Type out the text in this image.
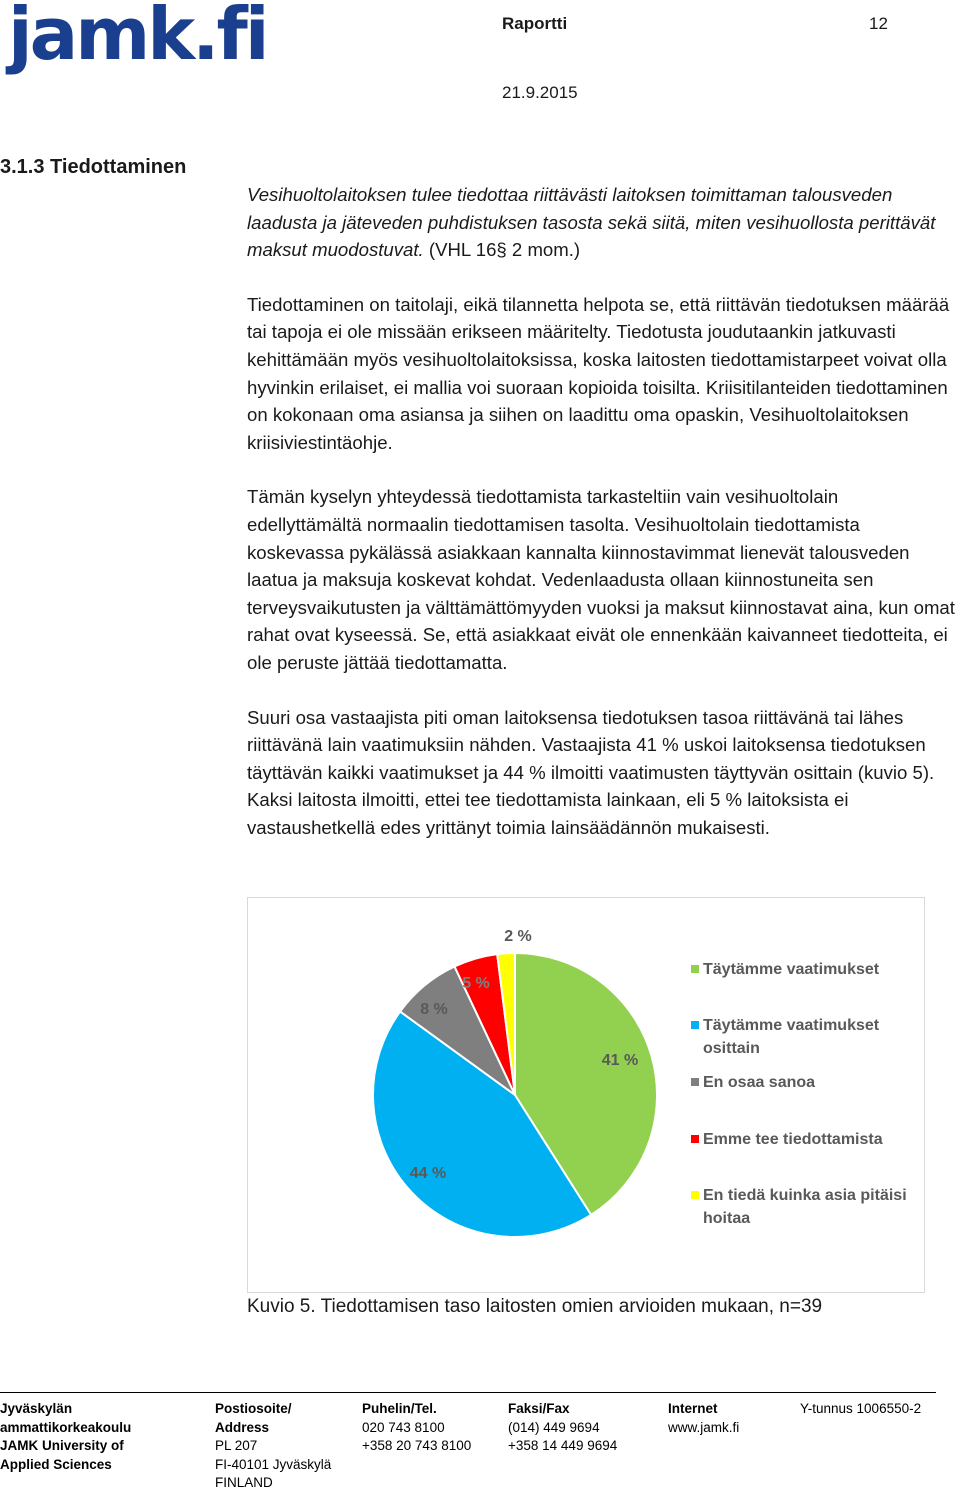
jamk.fi	Raportti	12
21.9.2015
3.1.3 Tiedottaminen

Vesihuoltolaitoksen tulee tiedottaa riittävästi laitoksen toimittaman talousveden laadusta ja jäteveden puhdistuksen tasosta sekä siitä, miten vesihuollosta perittävät maksut muodostuvat. (VHL 16§ 2 mom.)

Tiedottaminen on taitolaji, eikä tilannetta helpota se, että riittävän tiedotuksen määrää tai tapoja ei ole missään erikseen määritelty. Tiedotusta joudutaankin jatkuvasti kehittämään myös vesihuoltolaitoksissa, koska laitosten tiedottamistarpeet voivat olla hyvinkin erilaiset, ei mallia voi suoraan kopioida toisilta. Kriisitilanteiden tiedottaminen on kokonaan oma asiansa ja siihen on laadittu oma opaskin, Vesihuoltolaitoksen kriisiviestintäohje.

Tämän kyselyn yhteydessä tiedottamista tarkasteltiin vain vesihuoltolain edellyttämältä normaalin tiedottamisen tasolta. Vesihuoltolain tiedottamista koskevassa pykälässä asiakkaan kannalta kiinnostavimmat lienevät talousveden laatua ja maksuja koskevat kohdat. Vedenlaadusta ollaan kiinnostuneita sen terveysvaikutusten ja välttämättömyyden vuoksi ja maksut kiinnostavat aina, kun omat rahat ovat kyseessä. Se, että asiakkaat eivät ole ennenkään kaivanneet tiedotteita, ei ole peruste jättää tiedottamatta.

Suuri osa vastaajista piti oman laitoksensa tiedotuksen tasoa riittävänä tai lähes riittävänä lain vaatimuksiin nähden. Vastaajista 41 % uskoi laitoksensa tiedotuksen täyttävän kaikki vaatimukset ja 44 % ilmoitti vaatimusten täyttyvän osittain (kuvio 5). Kaksi laitosta ilmoitti, ettei tee tiedottamista lainkaan, eli 5 % laitoksista ei vastaushetkellä edes yrittänyt toimia lainsäädännön mukaisesti.

41 %
44 %
8 %
5 %
2 %
Täytämme vaatimukset
Täytämme vaatimukset osittain
En osaa sanoa
Emme tee tiedottamista
En tiedä kuinka asia pitäisi hoitaa
Kuvio 5. Tiedottamisen taso laitosten omien arvioiden mukaan, n=39
Jyväskylän
ammattikorkeakoulu
JAMK University of
Applied Sciences
Postiosoite/
Address
PL 207
FI-40101 Jyväskylä
FINLAND
Puhelin/Tel.
020 743 8100
+358 20 743 8100
Faksi/Fax
(014) 449 9694
+358 14 449 9694
Internet
www.jamk.fi
Y-tunnus 1006550-2
